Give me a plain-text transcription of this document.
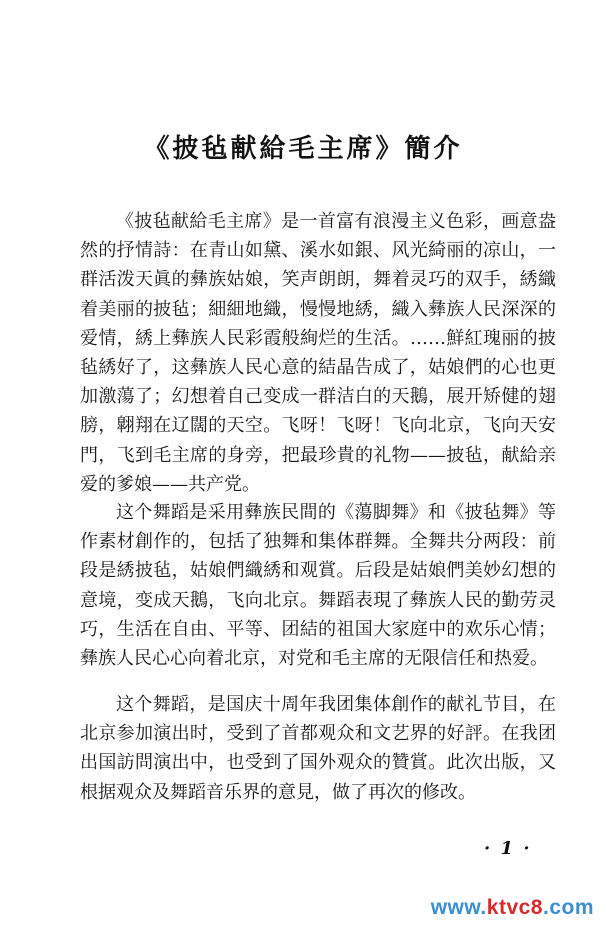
《披毡献給毛主席》簡介

《披毡献給毛主席》是一首富有浪漫主义色彩，画意盎然的抒情詩：在青山如黛、溪水如銀、风光綺丽的凉山，一群活泼天眞的彝族姑娘，笑声朗朗，舞着灵巧的双手，綉織着美丽的披毡；細細地織，慢慢地綉，織入彝族人民深深的爱情，綉上彝族人民彩霞般絢烂的生活。……鮮紅瑰丽的披毡綉好了，这彝族人民心意的結晶告成了，姑娘們的心也更加激蕩了；幻想着自己变成一群洁白的天鵝，展开矫健的翅膀，翺翔在辽闊的天空。飞呀！飞呀！飞向北京，飞向天安門，飞到毛主席的身旁，把最珍貴的礼物——披毡，献給亲爱的爹娘——共产党。

这个舞蹈是采用彝族民間的《蕩脚舞》和《披毡舞》等作素材創作的，包括了独舞和集体群舞。全舞共分两段：前段是綉披毡，姑娘們織綉和观賞。后段是姑娘們美妙幻想的意境，变成天鵝，飞向北京。舞蹈表現了彝族人民的勤劳灵巧，生活在自由、平等、团結的祖国大家庭中的欢乐心情；彝族人民心心向着北京，对党和毛主席的无限信任和热爱。

这个舞蹈，是国庆十周年我团集体創作的献礼节目，在北京参加演出时，受到了首都观众和文艺界的好評。在我团出国訪問演出中，也受到了国外观众的贊賞。此次出版，又根据观众及舞蹈音乐界的意見，做了再次的修改。

· 1 ·
www.ktvc8.com
